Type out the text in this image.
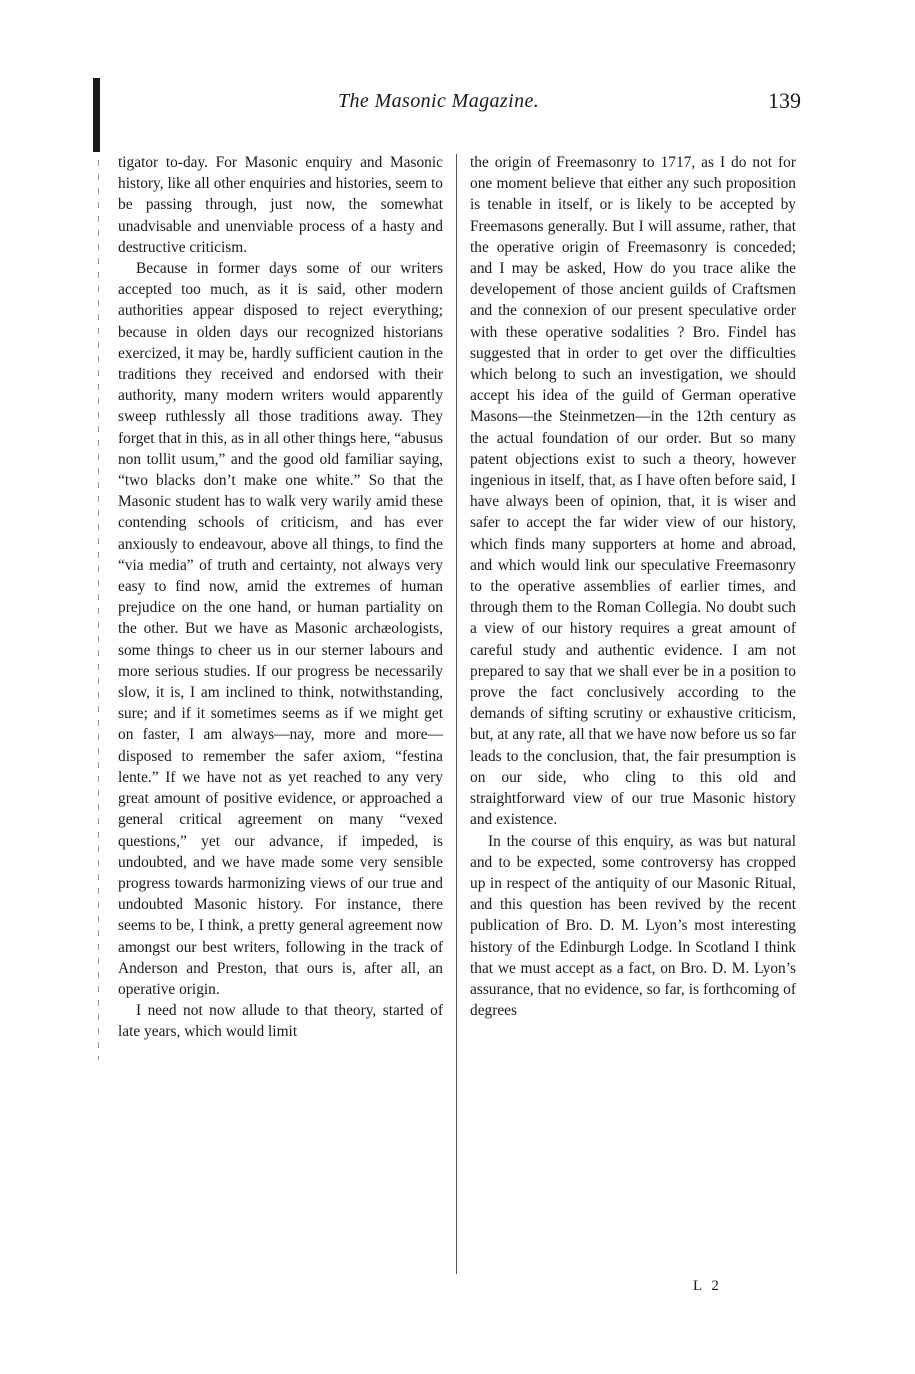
The Masonic Magazine.	139

tigator to-day. For Masonic enquiry and Masonic history, like all other enquiries and histories, seem to be passing through, just now, the somewhat unadvisable and unenviable process of a hasty and destructive criticism.

Because in former days some of our writers accepted too much, as it is said, other modern authorities appear disposed to reject everything; because in olden days our recognized historians exercized, it may be, hardly sufficient caution in the traditions they received and endorsed with their authority, many modern writers would apparently sweep ruthlessly all those traditions away. They forget that in this, as in all other things here, “abusus non tollit usum,” and the good old familiar saying, “two blacks don’t make one white.” So that the Masonic student has to walk very warily amid these contending schools of criticism, and has ever anxiously to endeavour, above all things, to find the “via media” of truth and certainty, not always very easy to find now, amid the extremes of human prejudice on the one hand, or human partiality on the other. But we have as Masonic archæologists, some things to cheer us in our sterner labours and more serious studies. If our progress be necessarily slow, it is, I am inclined to think, notwithstanding, sure; and if it sometimes seems as if we might get on faster, I am always—nay, more and more—disposed to remember the safer axiom, “festina lente.” If we have not as yet reached to any very great amount of positive evidence, or approached a general critical agreement on many “vexed questions,” yet our advance, if impeded, is undoubted, and we have made some very sensible progress towards harmonizing views of our true and undoubted Masonic history. For instance, there seems to be, I think, a pretty general agreement now amongst our best writers, following in the track of Anderson and Preston, that ours is, after all, an operative origin.

I need not now allude to that theory, started of late years, which would limit

the origin of Freemasonry to 1717, as I do not for one moment believe that either any such proposition is tenable in itself, or is likely to be accepted by Freemasons generally. But I will assume, rather, that the operative origin of Freemasonry is conceded; and I may be asked, How do you trace alike the developement of those ancient guilds of Craftsmen and the connexion of our present speculative order with these operative sodalities ? Bro. Findel has suggested that in order to get over the difficulties which belong to such an investigation, we should accept his idea of the guild of German operative Masons—the Steinmetzen—in the 12th century as the actual foundation of our order. But so many patent objections exist to such a theory, however ingenious in itself, that, as I have often before said, I have always been of opinion, that, it is wiser and safer to accept the far wider view of our history, which finds many supporters at home and abroad, and which would link our speculative Freemasonry to the operative assemblies of earlier times, and through them to the Roman Collegia. No doubt such a view of our history requires a great amount of careful study and authentic evidence. I am not prepared to say that we shall ever be in a position to prove the fact conclusively according to the demands of sifting scrutiny or exhaustive criticism, but, at any rate, all that we have now before us so far leads to the conclusion, that, the fair presumption is on our side, who cling to this old and straightforward view of our true Masonic history and existence.

In the course of this enquiry, as was but natural and to be expected, some controversy has cropped up in respect of the antiquity of our Masonic Ritual, and this question has been revived by the recent publication of Bro. D. M. Lyon’s most interesting history of the Edinburgh Lodge. In Scotland I think that we must accept as a fact, on Bro. D. M. Lyon’s assurance, that no evidence, so far, is forthcoming of degrees

L 2
